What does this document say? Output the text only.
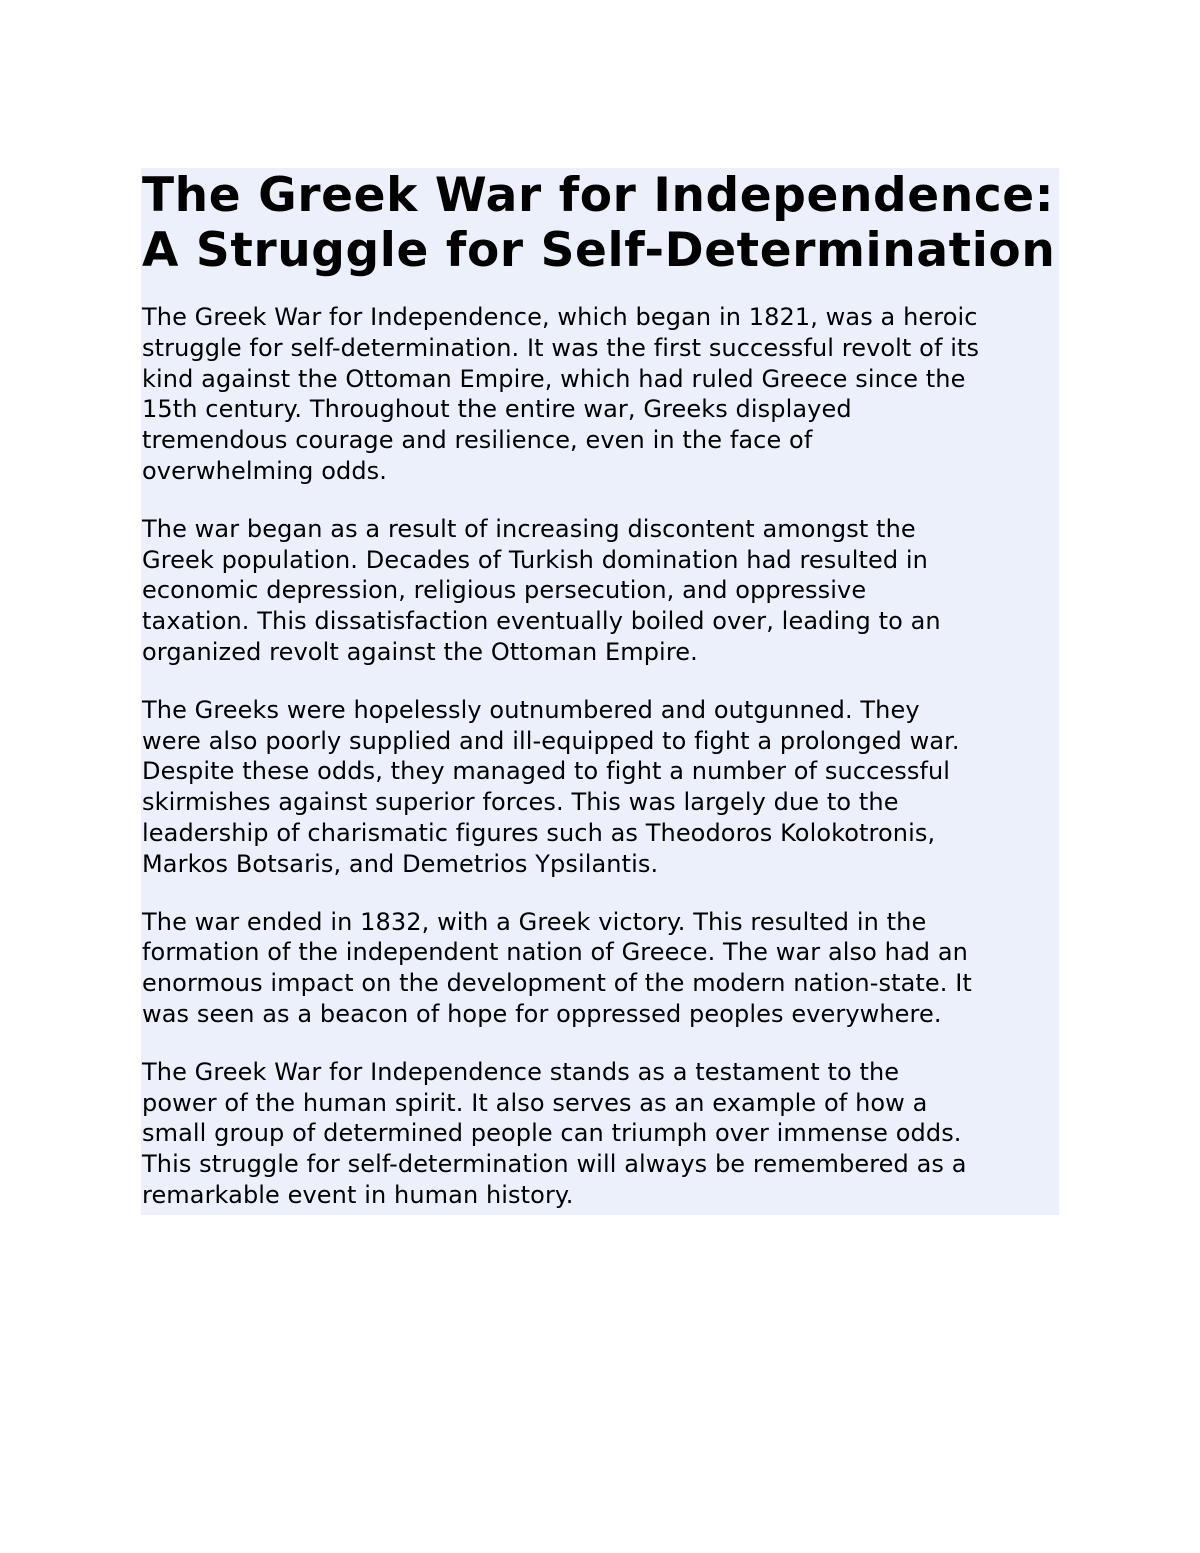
The Greek War for Independence:
A Struggle for Self-Determination

The Greek War for Independence, which began in 1821, was a heroic
struggle for self-determination. It was the first successful revolt of its
kind against the Ottoman Empire, which had ruled Greece since the
15th century. Throughout the entire war, Greeks displayed
tremendous courage and resilience, even in the face of
overwhelming odds.

The war began as a result of increasing discontent amongst the
Greek population. Decades of Turkish domination had resulted in
economic depression, religious persecution, and oppressive
taxation. This dissatisfaction eventually boiled over, leading to an
organized revolt against the Ottoman Empire.

The Greeks were hopelessly outnumbered and outgunned. They
were also poorly supplied and ill-equipped to fight a prolonged war.
Despite these odds, they managed to fight a number of successful
skirmishes against superior forces. This was largely due to the
leadership of charismatic figures such as Theodoros Kolokotronis,
Markos Botsaris, and Demetrios Ypsilantis.

The war ended in 1832, with a Greek victory. This resulted in the
formation of the independent nation of Greece. The war also had an
enormous impact on the development of the modern nation-state. It
was seen as a beacon of hope for oppressed peoples everywhere.

The Greek War for Independence stands as a testament to the
power of the human spirit. It also serves as an example of how a
small group of determined people can triumph over immense odds.
This struggle for self-determination will always be remembered as a
remarkable event in human history.
